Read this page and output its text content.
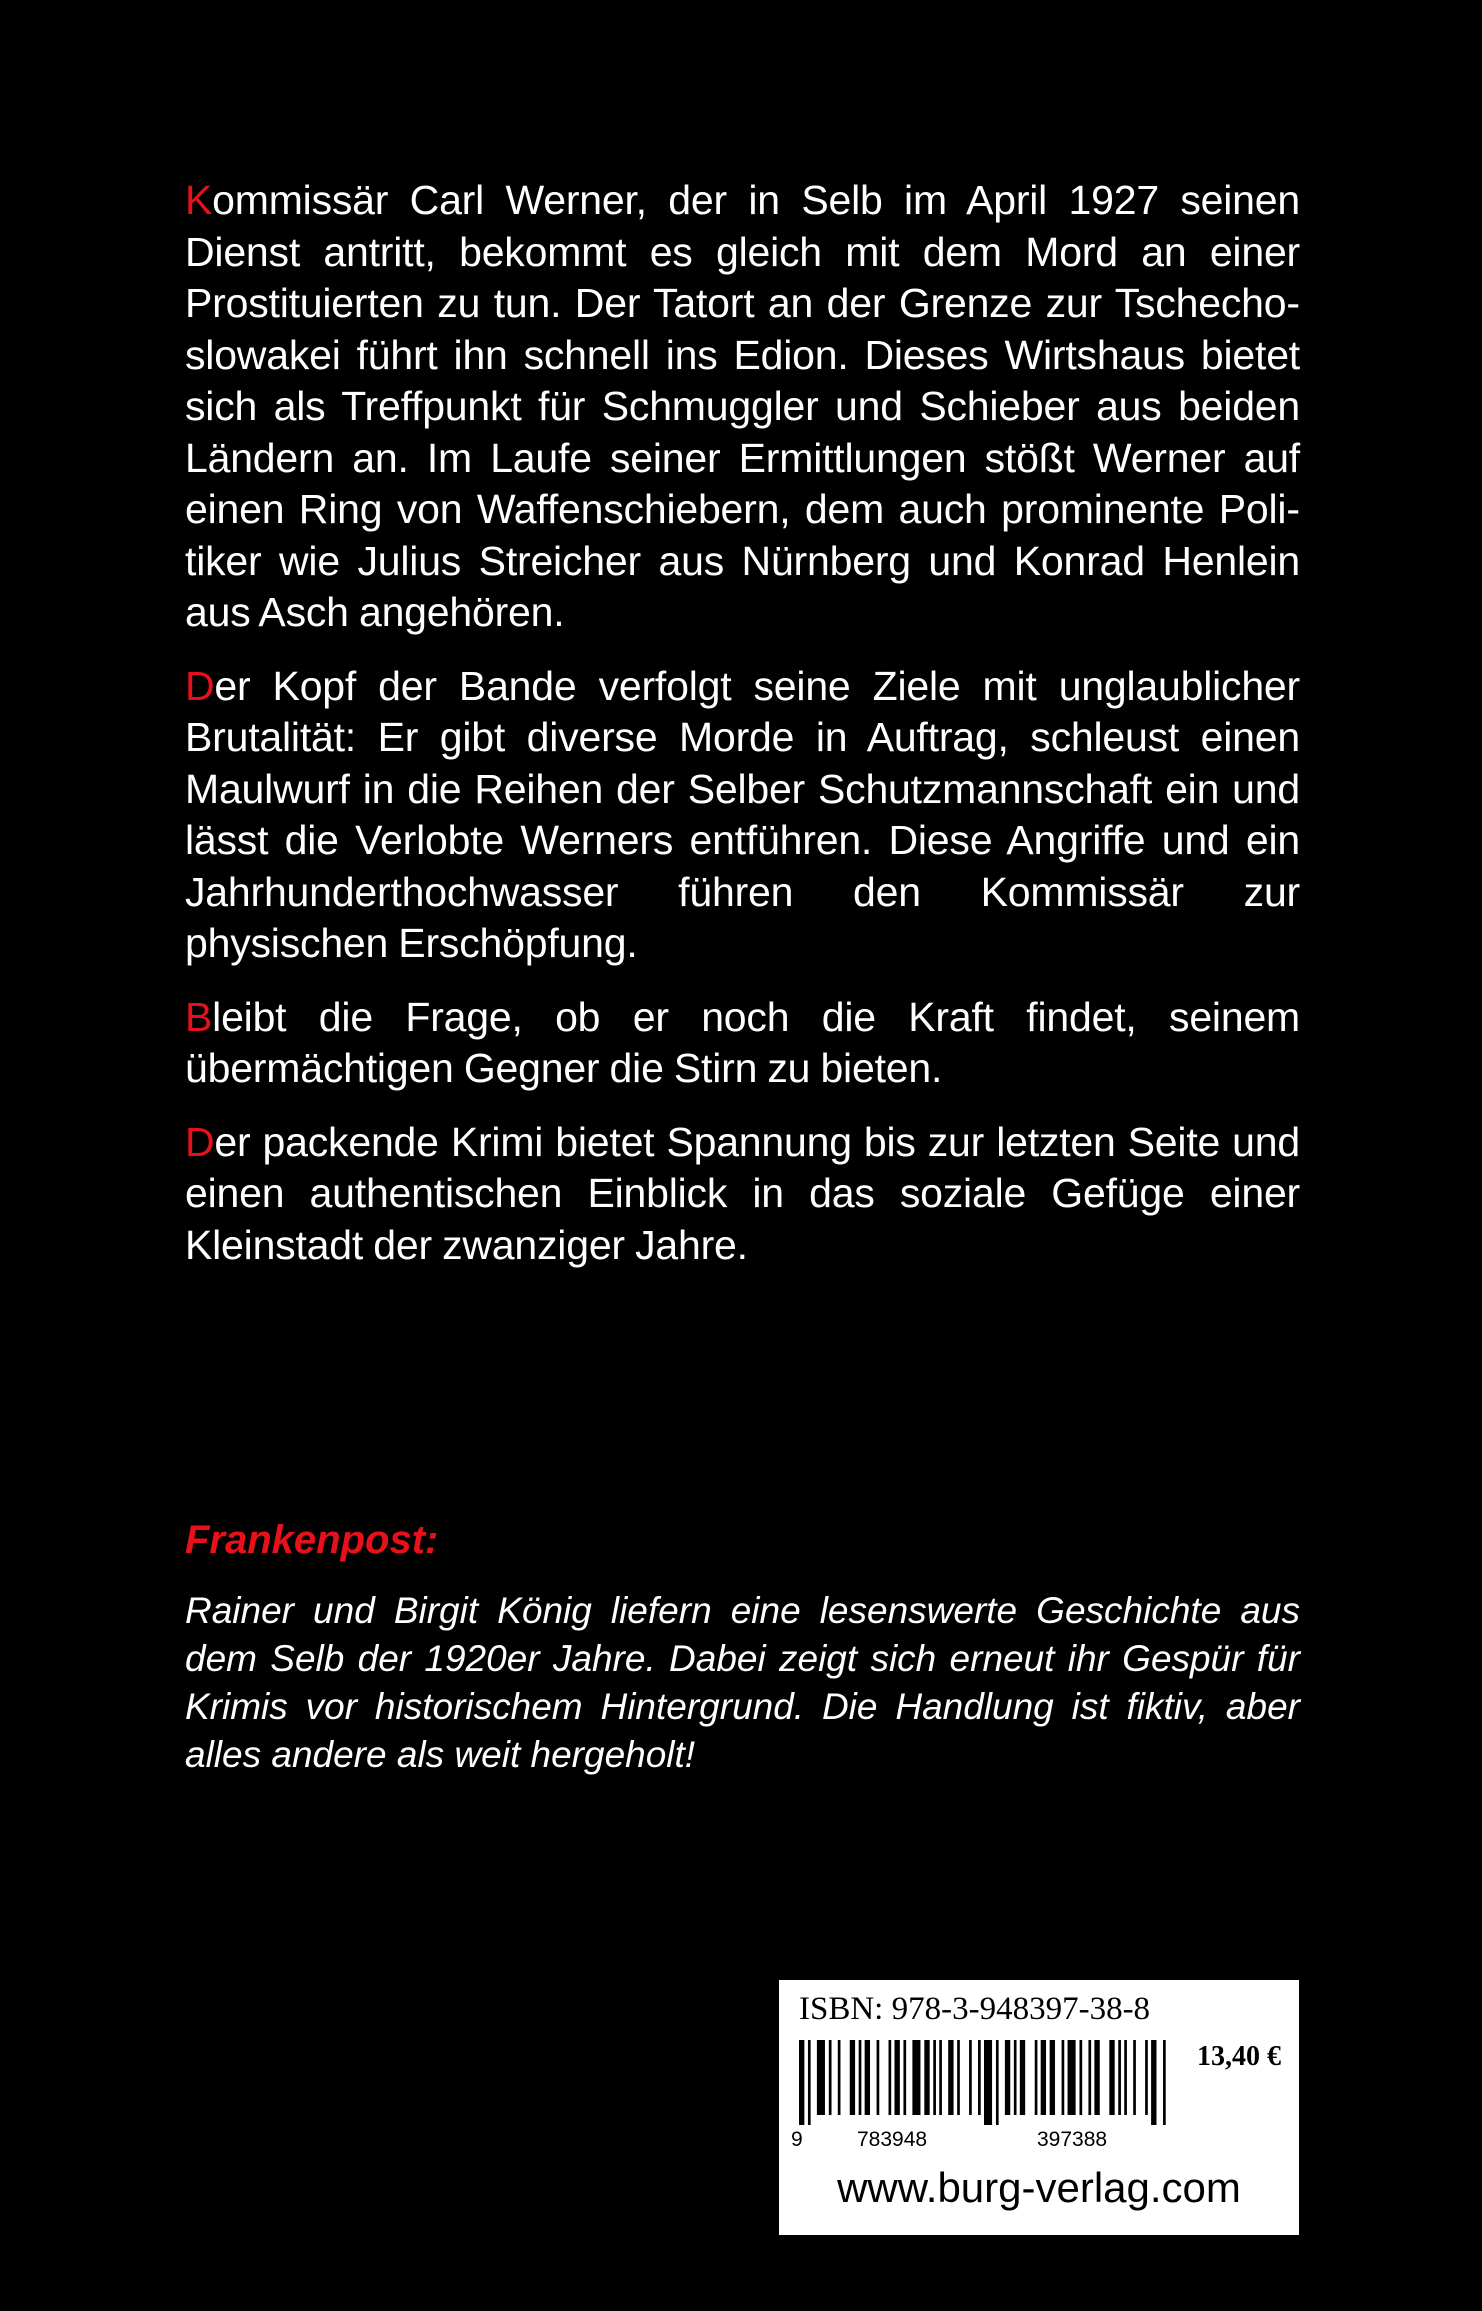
Kommissär Carl Werner, der in Selb im April 1927 seinen Dienst antritt, bekommt es gleich mit dem Mord an einer Prostituierten zu tun. Der Tatort an der Grenze zur Tschechoslowakei führt ihn schnell ins Edion. Dieses Wirtshaus bietet sich als Treffpunkt für Schmuggler und Schieber aus beiden Ländern an. Im Laufe seiner Ermittlungen stößt Werner auf einen Ring von Waffenschiebern, dem auch prominente Politiker wie Julius Streicher aus Nürnberg und Konrad Henlein aus Asch angehören.

Der Kopf der Bande verfolgt seine Ziele mit unglaublicher Brutalität: Er gibt diverse Morde in Auftrag, schleust einen Maulwurf in die Reihen der Selber Schutzmannschaft ein und lässt die Verlobte Werners entführen. Diese Angriffe und ein Jahrhunderthochwasser führen den Kommissär zur physischen Erschöpfung.

Bleibt die Frage, ob er noch die Kraft findet, seinem übermächtigen Gegner die Stirn zu bieten.

Der packende Krimi bietet Spannung bis zur letzten Seite und einen authentischen Einblick in das soziale Gefüge einer Kleinstadt der zwanziger Jahre.

Frankenpost:

Rainer und Birgit König liefern eine lesenswerte Geschichte aus dem Selb der 1920er Jahre. Dabei zeigt sich erneut ihr Gespür für Krimis vor historischem Hintergrund. Die Handlung ist fiktiv, aber alles andere als weit hergeholt!

ISBN: 978-3-948397-38-8
13,40 €
9	783948	397388
www.burg-verlag.com
